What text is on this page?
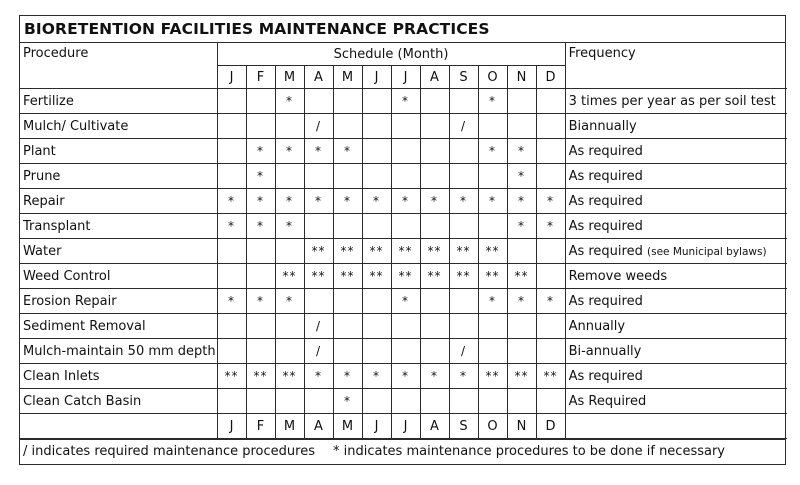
BIORETENTION FACILITIES MAINTENANCE PRACTICES
Procedure	Schedule (Month)												Frequency
	J	F	M	A	M	J	J	A	S	O	N	D	
Fertilize			*				*			*			3 times per year as per soil test
Mulch/ Cultivate				/					/				Biannually
Plant		*	*	*	*					*	*		As required
Prune		*									*		As required
Repair	*	*	*	*	*	*	*	*	*	*	*	*	As required
Transplant	*	*	*								*	*	As required
Water				**	**	**	**	**	**	**			As required (see Municipal bylaws)
Weed Control			**	**	**	**	**	**	**	**	**		Remove weeds
Erosion Repair	*	*	*				*			*	*	*	As required
Sediment Removal				/									Annually
Mulch-maintain 50 mm depth				/					/				Bi-annually
Clean Inlets	**	**	**	*	*	*	*	*	*	**	**	**	As required
Clean Catch Basin					*								As Required
	J	F	M	A	M	J	J	A	S	O	N	D	
/ indicates required maintenance procedures * indicates maintenance procedures to be done if necessary
